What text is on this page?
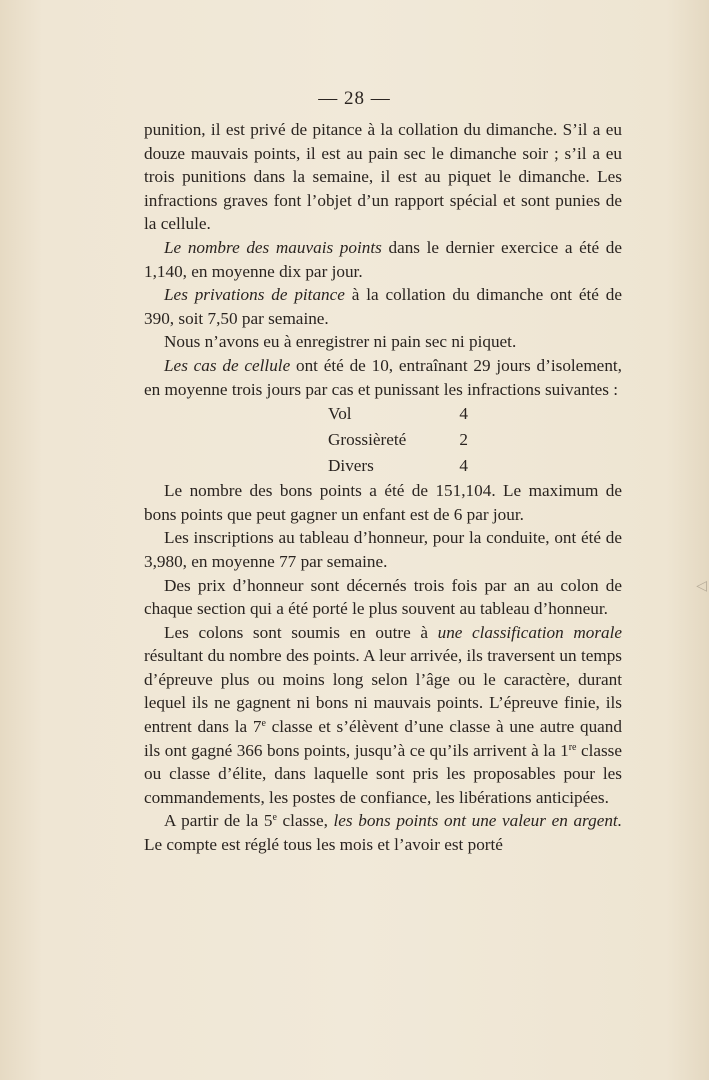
— 28 —

punition, il est privé de pitance à la collation du dimanche. S’il a eu douze mauvais points, il est au pain sec le dimanche soir ; s’il a eu trois punitions dans la semaine, il est au piquet le dimanche. Les infractions graves font l’objet d’un rapport spécial et sont punies de la cellule.

Le nombre des mauvais points dans le dernier exercice a été de 1,140, en moyenne dix par jour.

Les privations de pitance à la collation du dimanche ont été de 390, soit 7,50 par semaine.

Nous n’avons eu à enregistrer ni pain sec ni piquet.

Les cas de cellule ont été de 10, entraînant 29 jours d’isolement, en moyenne trois jours par cas et punissant les infractions suivantes :

Vol	4
Grossièreté	2
Divers	4

Le nombre des bons points a été de 151,104. Le maximum de bons points que peut gagner un enfant est de 6 par jour.

Les inscriptions au tableau d’honneur, pour la conduite, ont été de 3,980, en moyenne 77 par semaine.

Des prix d’honneur sont décernés trois fois par an au colon de chaque section qui a été porté le plus souvent au tableau d’honneur.

Les colons sont soumis en outre à une classification morale résultant du nombre des points. A leur arrivée, ils traversent un temps d’épreuve plus ou moins long selon l’âge ou le caractère, durant lequel ils ne gagnent ni bons ni mauvais points. L’épreuve finie, ils entrent dans la 7e classe et s’élèvent d’une classe à une autre quand ils ont gagné 366 bons points, jusqu’à ce qu’ils arrivent à la 1re classe ou classe d’élite, dans laquelle sont pris les proposables pour les commandements, les postes de confiance, les libérations anticipées.

A partir de la 5e classe, les bons points ont une valeur en argent. Le compte est réglé tous les mois et l’avoir est porté

◁
